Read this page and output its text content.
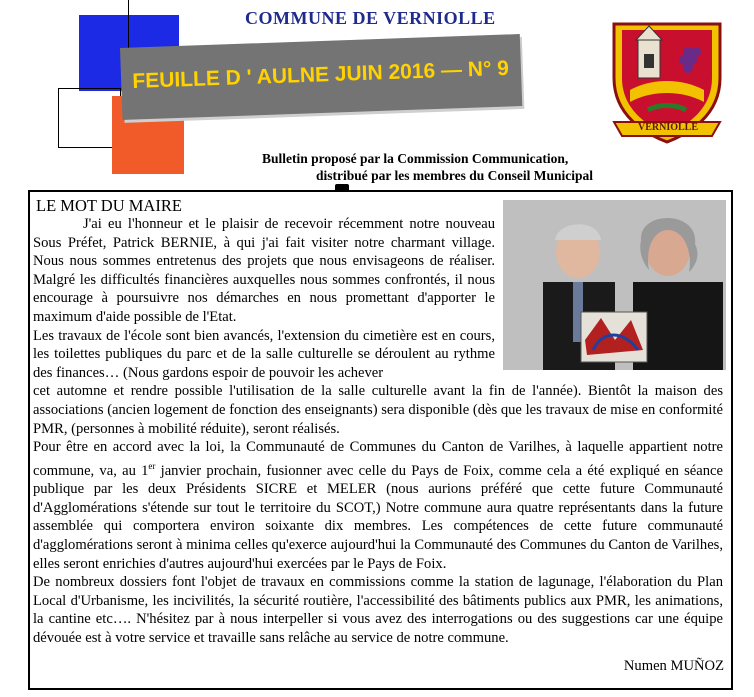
FEUILLE D ' AULNE JUIN 2016 — N° 9
COMMUNE DE VERNIOLLE
VERNIOLLE
Bulletin proposé par la Commission Communication,
distribué par les membres du Conseil Municipal
LE MOT DU MAIRE

J'ai eu l'honneur et le plaisir de recevoir récemment notre nouveau Sous Préfet, Patrick BERNIE, à qui j'ai fait visiter notre charmant village. Nous nous sommes entretenus des projets que nous envisageons de réaliser. Malgré les difficultés financières auxquelles nous sommes confrontés, il nous encourage à poursuivre nos démarches en nous promettant d'apporter le maximum d'aide possible de l'Etat.

Les travaux de l'école sont bien avancés, l'extension du cimetière est en cours, les toilettes publiques du parc et de la salle culturelle se déroulent au rythme des finances… (Nous gardons espoir de pouvoir les achever

cet automne et rendre possible l'utilisation de la salle culturelle avant la fin de l'année). Bientôt la maison des associations (ancien logement de fonction des enseignants) sera disponible (dès que les travaux de mise en conformité PMR, (personnes à mobilité réduite), seront réalisés.

Pour être en accord avec la loi, la Communauté de Communes du Canton de Varilhes, à laquelle appartient notre commune, va, au 1er janvier prochain, fusionner avec celle du Pays de Foix, comme cela a été expliqué en séance publique par les deux Présidents SICRE et MELER (nous aurions préféré que cette future Communauté d'Agglomérations s'étende sur tout le territoire du SCOT,) Notre commune aura quatre représentants dans la future assemblée qui comportera environ soixante dix membres. Les compétences de cette future communauté d'agglomérations seront à minima celles qu'exerce aujourd'hui la Communauté des Communes du Canton de Varilhes, elles seront enrichies d'autres aujourd'hui exercées par le Pays de Foix.

De nombreux dossiers font l'objet de travaux en commissions comme la station de lagunage, l'élaboration du Plan Local d'Urbanisme, les incivilités, la sécurité routière, l'accessibilité des bâtiments publics aux PMR, les animations, la cantine etc…. N'hésitez par à nous interpeller si vous avez des interrogations ou des suggestions car une équipe dévouée est à votre service et travaille sans relâche au service de notre commune.

Numen MUÑOZ
